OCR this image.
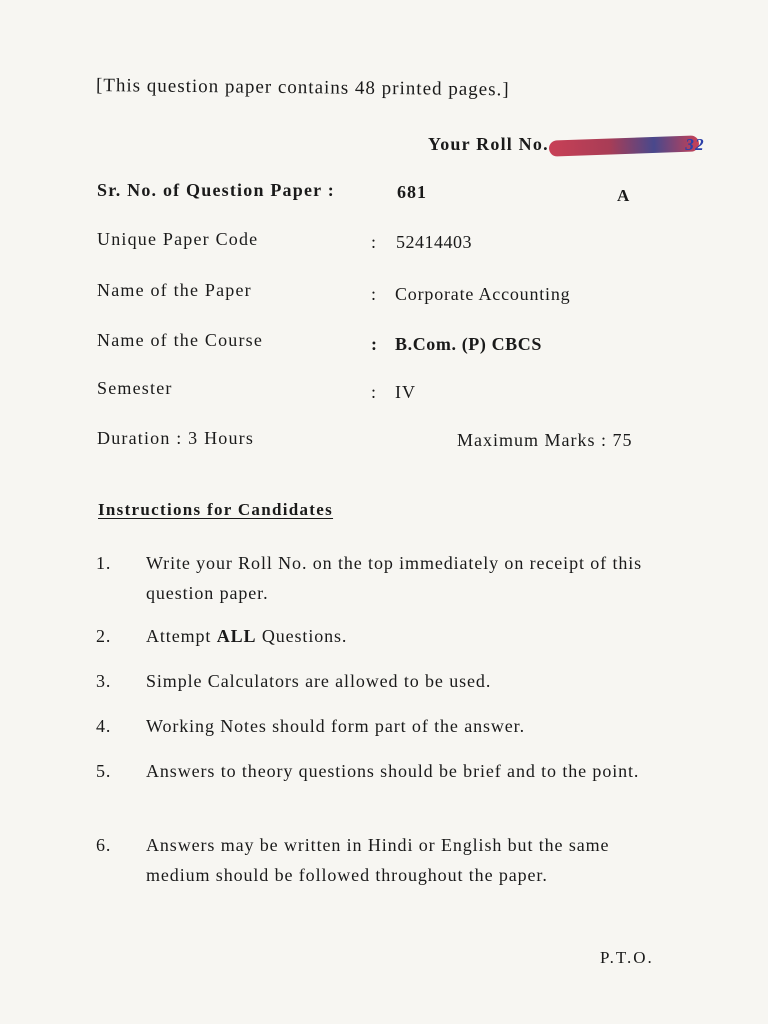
[This question paper contains 48 printed pages.]
Your Roll No.	32
Sr. No. of Question Paper :	681	A
Unique Paper Code	: 52414403
Name of the Paper	: Corporate Accounting
Name of the Course	: B.Com. (P) CBCS
Semester	: IV
Duration : 3 Hours	Maximum Marks : 75
Instructions for Candidates
1.	Write your Roll No. on the top immediately on receipt of this question paper.
2.	Attempt ALL Questions.
3.	Simple Calculators are allowed to be used.
4.	Working Notes should form part of the answer.
5.	Answers to theory questions should be brief and to the point.
6.	Answers may be written in Hindi or English but the same medium should be followed throughout the paper.
P.T.O.
